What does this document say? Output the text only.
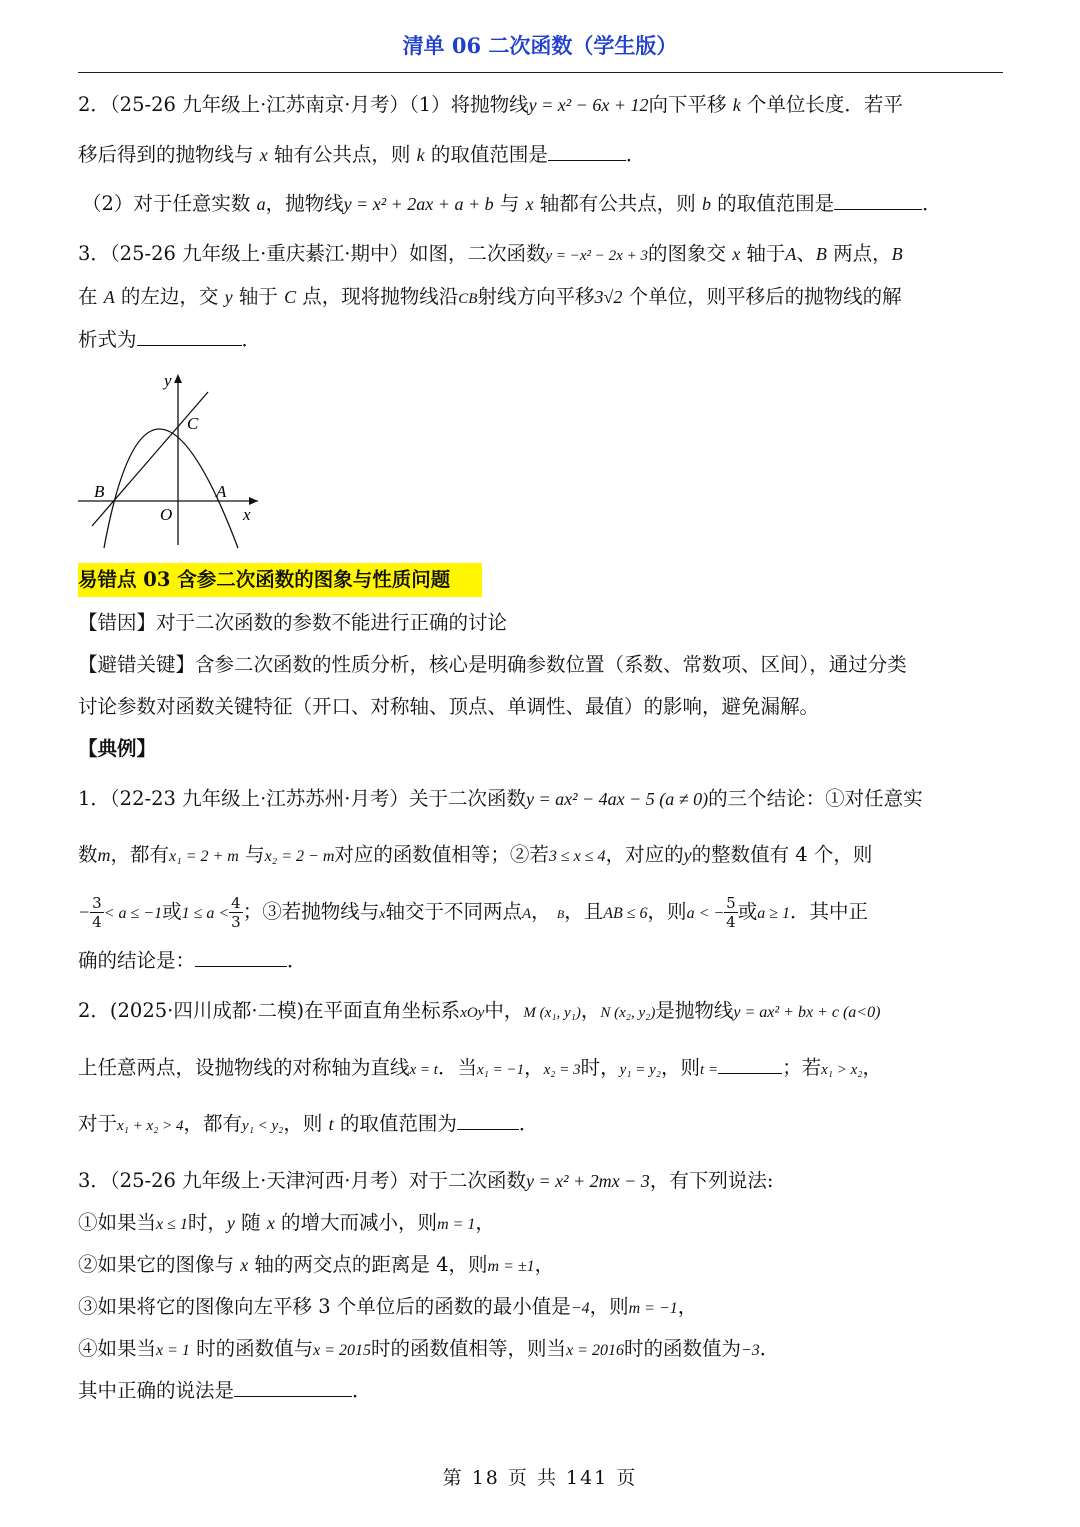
清单 06 二次函数（学生版）
2．（25-26 九年级上·江苏南京·月考）（1）将抛物线y = x² − 6x + 12向下平移 k 个单位长度．若平
移后得到的抛物线与 x 轴有公共点，则 k 的取值范围是	．
（2）对于任意实数 a，抛物线y = x² + 2ax + a + b 与 x 轴都有公共点，则 b 的取值范围是	．
3．（25-26 九年级上·重庆綦江·期中）如图，二次函数y = −x² − 2x + 3的图象交 x 轴于A、B 两点，B
在 A 的左边，交 y 轴于 C 点，现将抛物线沿CB射线方向平移3√2 个单位，则平移后的抛物线的解
析式为	．
易错点 03 含参二次函数的图象与性质问题
【错因】对于二次函数的参数不能进行正确的讨论
【避错关键】含参二次函数的性质分析，核心是明确参数位置（系数、常数项、区间），通过分类
讨论参数对函数关键特征（开口、对称轴、顶点、单调性、最值）的影响，避免漏解。
【典例】
1．（22-23 九年级上·江苏苏州·月考）关于二次函数y = ax² − 4ax − 5 (a ≠ 0)的三个结论：①对任意实
数m，都有x₁ = 2 + m 与x₂ = 2 − m对应的函数值相等；②若3 ≤ x ≤ 4，对应的y的整数值有 4 个，则
− $\frac{3}{4} < a \le -1$或$1 \le a < \frac{4}{3}$ ；③若抛物线与x轴交于不同两点A， B，且AB ≤ 6，则a < − $\frac{5}{4}$ 或a ≥ 1．其中正
确的结论是：	．
2．(2025·四川成都·二模)在平面直角坐标系xOy中，M (x₁, y₁)，N (x₂, y₂)是抛物线y = ax² + bx + c (a<0)
上任意两点，设抛物线的对称轴为直线x = t．当x₁ = −1，x₂ = 3时，y₁ = y₂，则t =	；若x₁ > x₂，
对于x₁ + x₂ > 4，都有y₁ < y₂，则 t 的取值范围为	．
3．（25-26 九年级上·天津河西·月考）对于二次函数y = x² + 2mx − 3，有下列说法:
①如果当x ≤ 1时，y 随 x 的增大而减小，则m = 1，
②如果它的图像与 x 轴的两交点的距离是 4，则m = ±1，
③如果将它的图像向左平移 3 个单位后的函数的最小值是−4，则m = −1，
④如果当x = 1 时的函数值与x = 2015时的函数值相等，则当x = 2016时的函数值为−3．
其中正确的说法是	．
y
x
C
B	A
O
第 18 页 共 141 页
